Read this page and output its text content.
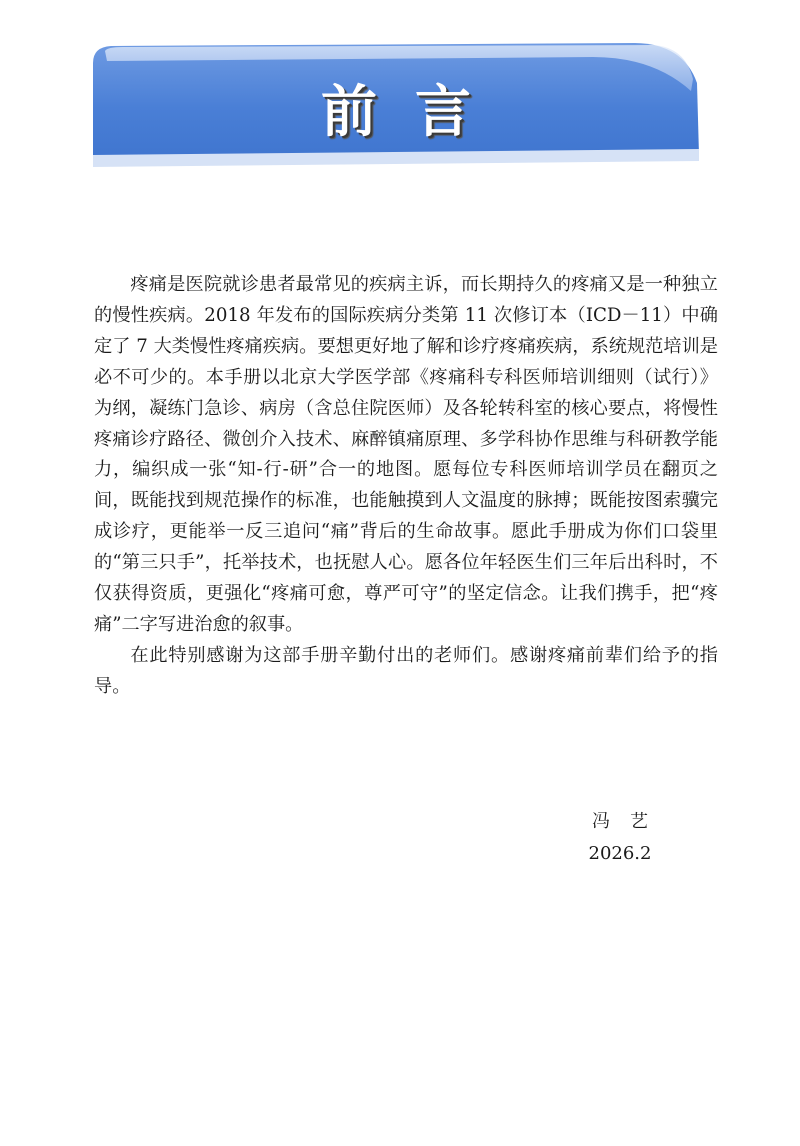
前言

疼痛是医院就诊患者最常见的疾病主诉，而长期持久的疼痛又是一种独立的慢性疾病。2018 年发布的国际疾病分类第 11 次修订本（ICD－11）中确定了 7 大类慢性疼痛疾病。要想更好地了解和诊疗疼痛疾病，系统规范培训是必不可少的。本手册以北京大学医学部《疼痛科专科医师培训细则（试行）》为纲，凝练门急诊、病房（含总住院医师）及各轮转科室的核心要点，将慢性疼痛诊疗路径、微创介入技术、麻醉镇痛原理、多学科协作思维与科研教学能力，编织成一张“知-行-研”合一的地图。愿每位专科医师培训学员在翻页之间，既能找到规范操作的标准，也能触摸到人文温度的脉搏；既能按图索骥完成诊疗，更能举一反三追问“痛”背后的生命故事。愿此手册成为你们口袋里的“第三只手”，托举技术，也抚慰人心。愿各位年轻医生们三年后出科时，不仅获得资质，更强化“疼痛可愈，尊严可守”的坚定信念。让我们携手，把“疼痛”二字写进治愈的叙事。

在此特别感谢为这部手册辛勤付出的老师们。感谢疼痛前辈们给予的指导。

冯艺
2026.2
